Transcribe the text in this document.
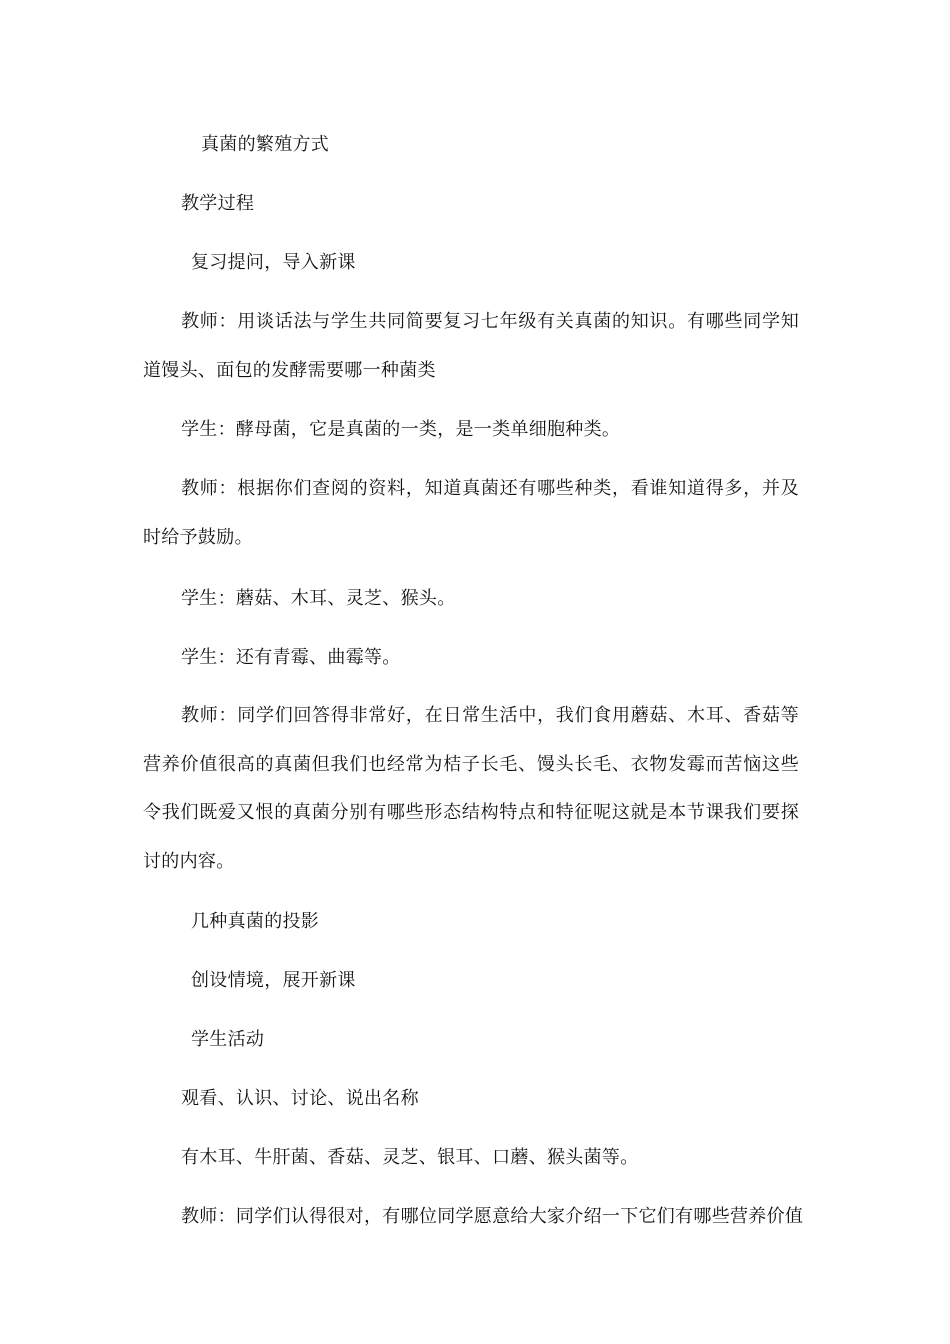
真菌的繁殖方式
教学过程
复习提问，导入新课
教师：用谈话法与学生共同简要复习七年级有关真菌的知识。有哪些同学知道馒头、面包的发酵需要哪一种菌类
学生：酵母菌，它是真菌的一类，是一类单细胞种类。
教师：根据你们查阅的资料，知道真菌还有哪些种类，看谁知道得多，并及时给予鼓励。
学生：蘑菇、木耳、灵芝、猴头。
学生：还有青霉、曲霉等。
教师：同学们回答得非常好，在日常生活中，我们食用蘑菇、木耳、香菇等营养价值很高的真菌但我们也经常为桔子长毛、馒头长毛、衣物发霉而苦恼这些令我们既爱又恨的真菌分别有哪些形态结构特点和特征呢这就是本节课我们要探讨的内容。
几种真菌的投影
创设情境，展开新课
学生活动
观看、认识、讨论、说出名称
有木耳、牛肝菌、香菇、灵芝、银耳、口蘑、猴头菌等。
教师：同学们认得很对，有哪位同学愿意给大家介绍一下它们有哪些营养价值
